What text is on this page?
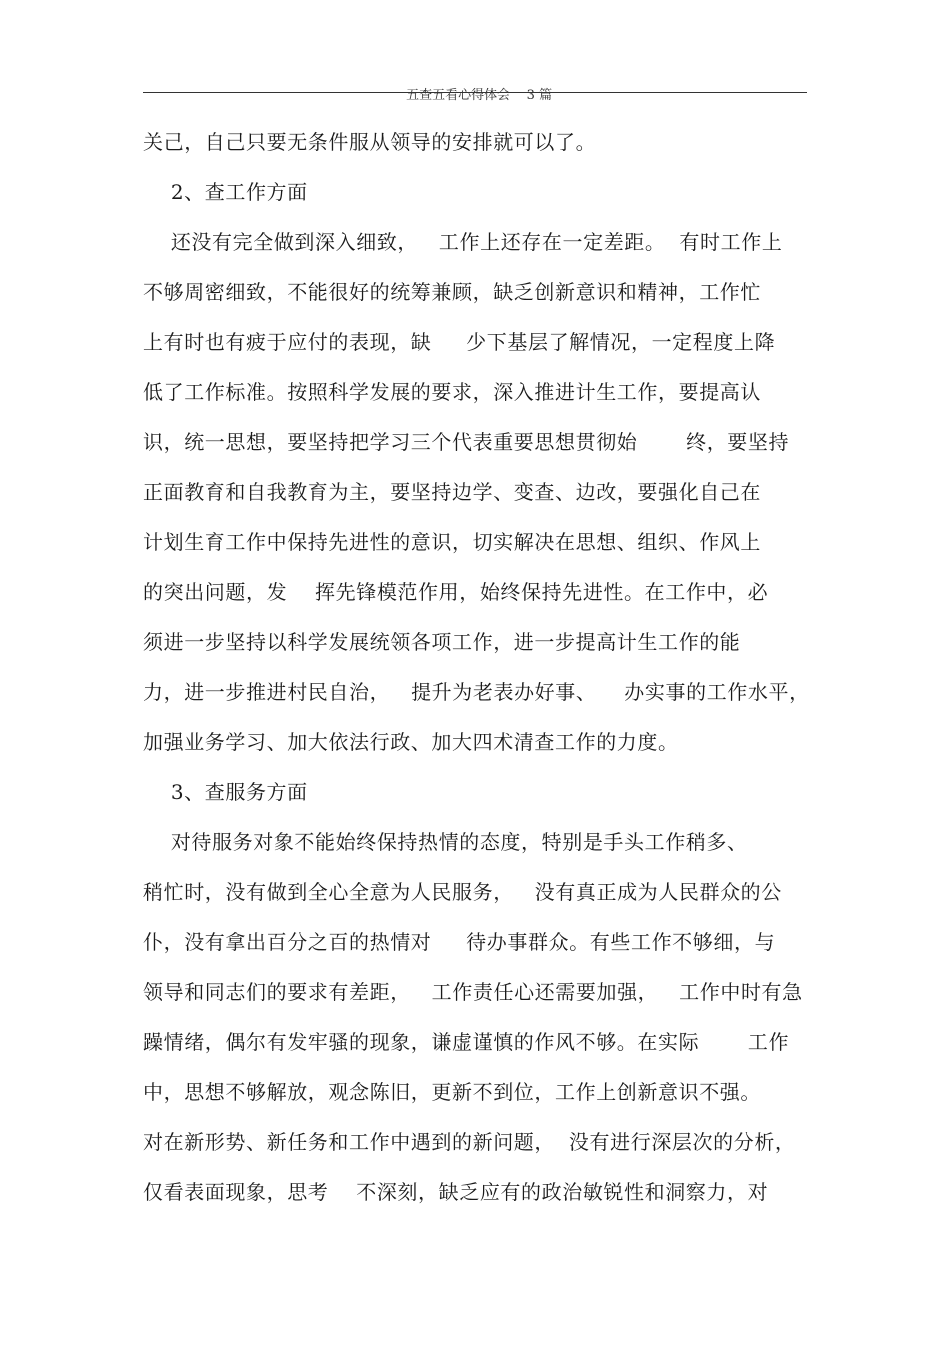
五查五看心得体会    3 篇

关己，自己只要无条件服从领导的安排就可以了。
2、查工作方面
还没有完全做到深入细致，   工作上还存在一定差距。  有时工作上
不够周密细致，不能很好的统筹兼顾，缺乏创新意识和精神，工作忙
上有时也有疲于应付的表现，缺     少下基层了解情况，一定程度上降
低了工作标准。按照科学发展的要求，深入推进计生工作，要提高认
识，统一思想，要坚持把学习三个代表重要思想贯彻始       终，要坚持
正面教育和自我教育为主，要坚持边学、变查、边改，要强化自己在
计划生育工作中保持先进性的意识，切实解决在思想、组织、作风上
的突出问题，发    挥先锋模范作用，始终保持先进性。在工作中，必
须进一步坚持以科学发展统领各项工作，进一步提高计生工作的能
力，进一步推进村民自治，   提升为老表办好事、    办实事的工作水平，
加强业务学习、加大依法行政、加大四术清查工作的力度。
3、查服务方面
对待服务对象不能始终保持热情的态度，特别是手头工作稍多、
稍忙时，没有做到全心全意为人民服务，   没有真正成为人民群众的公
仆，没有拿出百分之百的热情对     待办事群众。有些工作不够细，与
领导和同志们的要求有差距，   工作责任心还需要加强，   工作中时有急
躁情绪，偶尔有发牢骚的现象，谦虚谨慎的作风不够。在实际       工作
中，思想不够解放，观念陈旧，更新不到位，工作上创新意识不强。
对在新形势、新任务和工作中遇到的新问题，  没有进行深层次的分析，
仅看表面现象，思考    不深刻，缺乏应有的政治敏锐性和洞察力，对
